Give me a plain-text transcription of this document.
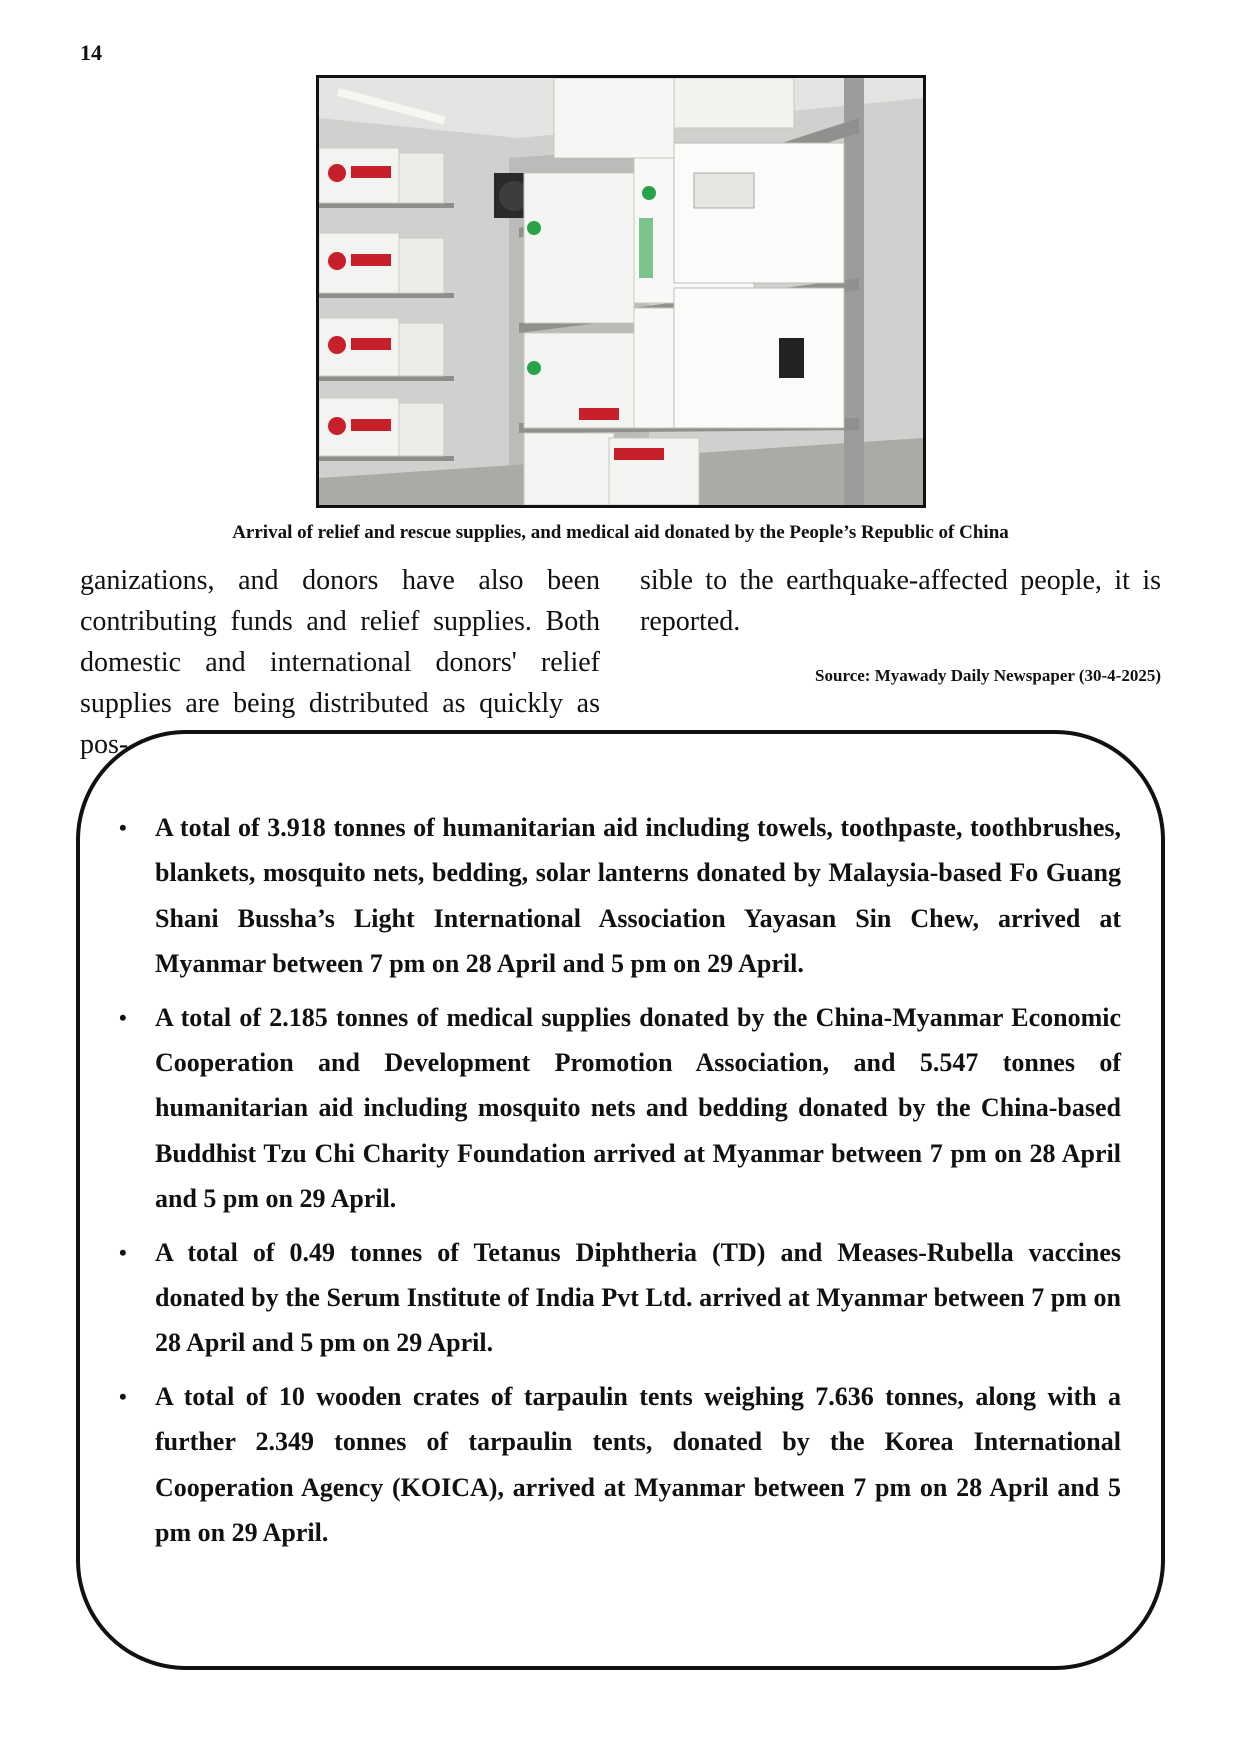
14
Arrival of relief and rescue supplies, and medical aid donated by the People’s Republic of China

ganizations, and donors have also been contributing funds and relief supplies. Both domestic and international donors' relief supplies are being distributed as quickly as pos-

sible to the earthquake-affected people, it is reported.

Source: Myawady Daily Newspaper (30-4-2025)
• A total of 3.918 tonnes of humanitarian aid including towels, toothpaste, toothbrushes, blankets, mosquito nets, bedding, solar lanterns donated by Malaysia-based Fo Guang Shani Bussha’s Light International Association Yayasan Sin Chew, arrived at Myanmar between 7 pm on 28 April and 5 pm on 29 April.
• A total of 2.185 tonnes of medical supplies donated by the China-Myanmar Economic Cooperation and Development Promotion Association, and 5.547 tonnes of humanitarian aid including mosquito nets and bedding donated by the China-based Buddhist Tzu Chi Charity Foundation arrived at Myanmar between 7 pm on 28 April and 5 pm on 29 April.
• A total of 0.49 tonnes of Tetanus Diphtheria (TD) and Meases-Rubella vaccines donated by the Serum Institute of India Pvt Ltd. arrived at Myanmar between 7 pm on 28 April and 5 pm on 29 April.
• A total of 10 wooden crates of tarpaulin tents weighing 7.636 tonnes, along with a further 2.349 tonnes of tarpaulin tents, donated by the Korea International Cooperation Agency (KOICA), arrived at Myanmar between 7 pm on 28 April and 5 pm on 29 April.
